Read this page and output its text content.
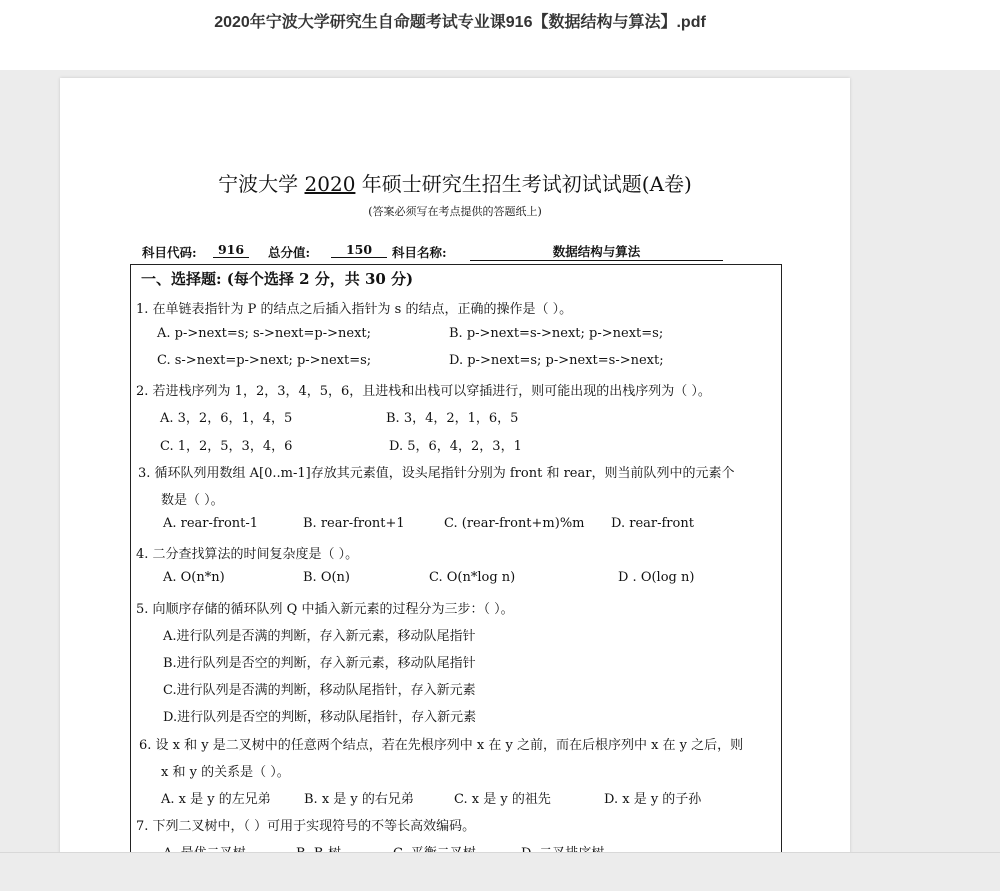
2020年宁波大学研究生自命题考试专业课916【数据结构与算法】.pdf
宁波大学 2020 年硕士研究生招生考试初试试题(A卷)
(答案必须写在考点提供的答题纸上)
科目代码:	916	总分值:	150	科目名称:	数据结构与算法
一、选择题: (每个选择 2 分，共 30 分)
1. 在单链表指针为 P 的结点之后插入指针为 s 的结点，正确的操作是（ ）。
A. p->next=s; s->next=p->next;	B. p->next=s->next; p->next=s;
C. s->next=p->next; p->next=s;	D. p->next=s; p->next=s->next;
2. 若进栈序列为 1，2，3，4，5，6，且进栈和出栈可以穿插进行，则可能出现的出栈序列为（ ）。
A. 3，2，6，1，4，5	B. 3，4，2，1，6，5
C. 1，2，5，3，4，6	D. 5，6，4，2，3，1
3. 循环队列用数组 A[0..m-1]存放其元素值，设头尾指针分别为 front 和 rear，则当前队列中的元素个
数是（ ）。
A. rear-front-1	B. rear-front+1	C. (rear-front+m)%m D. rear-front
4. 二分查找算法的时间复杂度是（ ）。
A. O(n*n)	B. O(n)	C. O(n*log n)	D . O(log n)
5. 向顺序存储的循环队列 Q 中插入新元素的过程分为三步：（ ）。
A.进行队列是否满的判断，存入新元素，移动队尾指针
B.进行队列是否空的判断，存入新元素，移动队尾指针
C.进行队列是否满的判断，移动队尾指针，存入新元素
D.进行队列是否空的判断，移动队尾指针，存入新元素
6. 设 x 和 y 是二叉树中的任意两个结点，若在先根序列中 x 在 y 之前，而在后根序列中 x 在 y 之后，则
x 和 y 的关系是（ ）。
A. x 是 y 的左兄弟	B. x 是 y 的右兄弟	C. x 是 y 的祖先	D. x 是 y 的子孙
7. 下列二叉树中，（ ）可用于实现符号的不等长高效编码。
